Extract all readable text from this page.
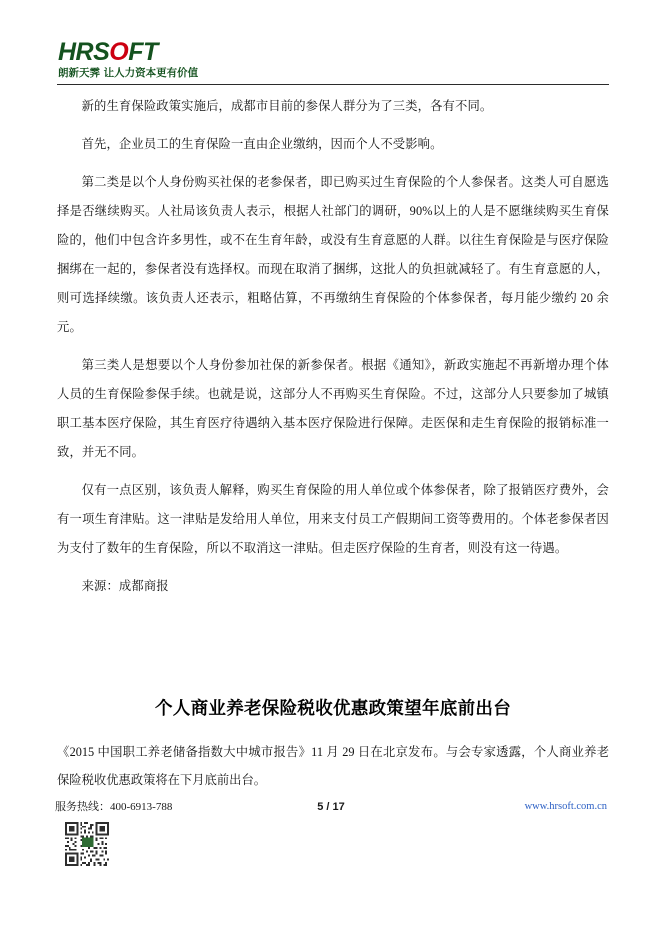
HRSOFT
朗新天霁 让人力资本更有价值

新的生育保险政策实施后，成都市目前的参保人群分为了三类，各有不同。

首先，企业员工的生育保险一直由企业缴纳，因而个人不受影响。

第二类是以个人身份购买社保的老参保者，即已购买过生育保险的个人参保者。这类人可自愿选择是否继续购买。人社局该负责人表示，根据人社部门的调研，90%以上的人是不愿继续购买生育保险的，他们中包含许多男性，或不在生育年龄，或没有生育意愿的人群。以往生育保险是与医疗保险捆绑在一起的，参保者没有选择权。而现在取消了捆绑，这批人的负担就减轻了。有生育意愿的人，则可选择续缴。该负责人还表示，粗略估算，不再缴纳生育保险的个体参保者，每月能少缴约 20 余元。

第三类人是想要以个人身份参加社保的新参保者。根据《通知》，新政实施起不再新增办理个体人员的生育保险参保手续。也就是说，这部分人不再购买生育保险。不过，这部分人只要参加了城镇职工基本医疗保险，其生育医疗待遇纳入基本医疗保险进行保障。走医保和走生育保险的报销标准一致，并无不同。

仅有一点区别，该负责人解释，购买生育保险的用人单位或个体参保者，除了报销医疗费外，会有一项生育津贴。这一津贴是发给用人单位，用来支付员工产假期间工资等费用的。个体老参保者因为支付了数年的生育保险，所以不取消这一津贴。但走医疗保险的生育者，则没有这一待遇。

来源：成都商报

个人商业养老保险税收优惠政策望年底前出台

《2015 中国职工养老储备指数大中城市报告》11 月 29 日在北京发布。与会专家透露，个人商业养老保险税收优惠政策将在下月底前出台。

服务热线：400-6913-788	5 / 17	www.hrsoft.com.cn
